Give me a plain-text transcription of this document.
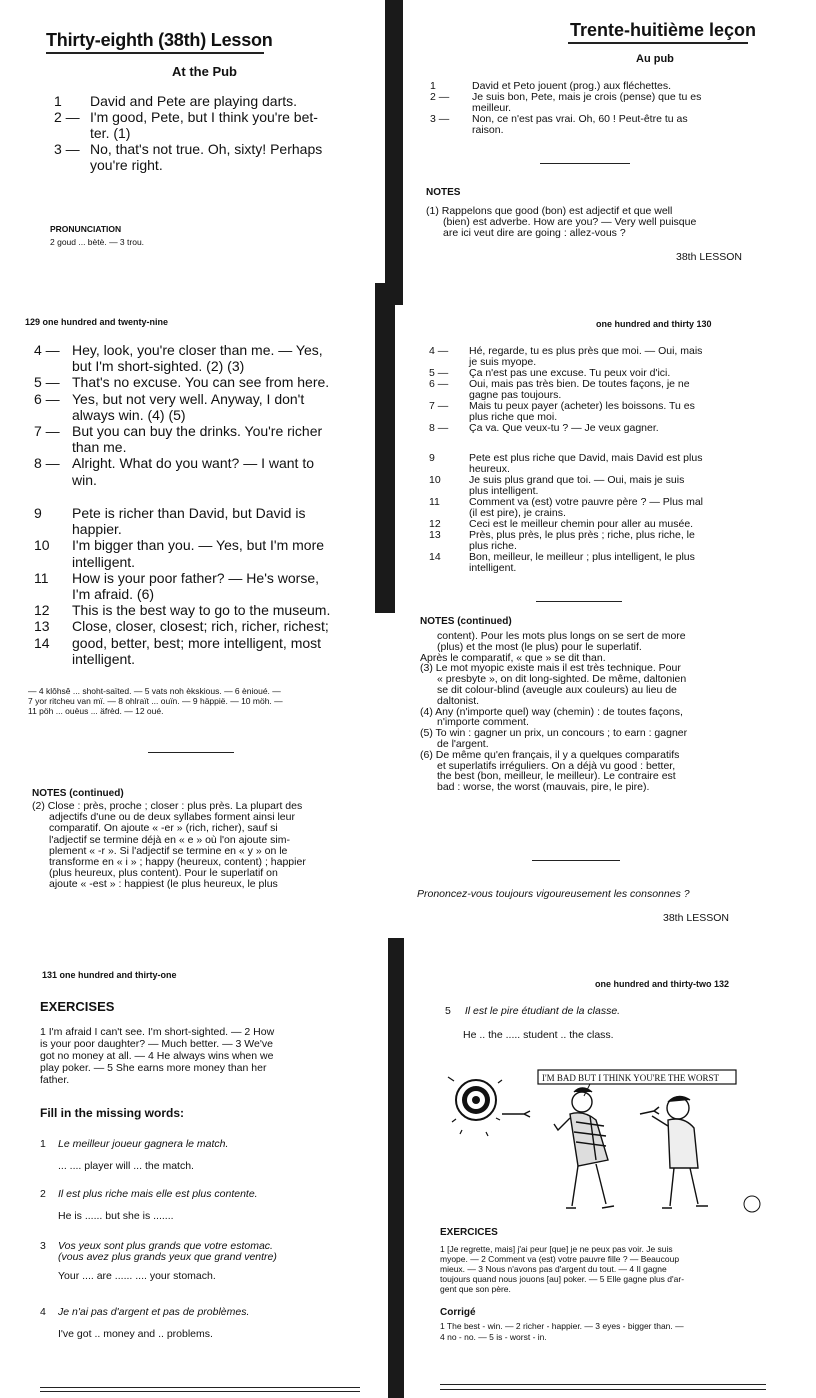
Thirty-eighth (38th) Lesson
At the Pub
1	David and Pete are playing darts.
2 — I'm good, Pete, but I think you're bet-
ter. (1)
3 — No, that's not true. Oh, sixty! Perhaps
you're right.
PRONUNCIATION
2 goud ... bètè. — 3 trou.
Trente-huitième leçon
Au pub
1	David et Peto jouent (prog.) aux fléchettes.
2 —	Je suis bon, Pete, mais je crois (pense) que tu es
meilleur.
3 —	Non, ce n'est pas vrai. Oh, 60 ! Peut-être tu as
raison.
NOTES
(1) Rappelons que good (bon) est adjectif et que well
(bien) est adverbe. How are you? — Very well puisque
are ici veut dire are going : allez-vous ?
38th LESSON
129 one hundred and twenty-nine
4 — Hey, look, you're closer than me. — Yes,
but I'm short-sighted. (2) (3)
5 — That's no excuse. You can see from here.
6 — Yes, but not very well. Anyway, I don't
always win. (4) (5)
7 — But you can buy the drinks. You're richer
than me.
8 — Alright. What do you want? — I want to
win.
9	Pete is richer than David, but David is
happier.
10	I'm bigger than you. — Yes, but I'm more
intelligent.
11	How is your poor father? — He's worse,
I'm afraid. (6)
12	This is the best way to go to the museum.
13	Close, closer, closest; rich, richer, richest;
14	good, better, best; more intelligent, most
intelligent.
— 4 klôhsê ... shoht-saïted. — 5 vats noh èkskious. — 6 ènioué. —
7 yor ritcheu van mï. — 8 ohlraït ... ouïn. — 9 häppië. — 10 möh. —
11 pöh ... ouèus ... äfrèd. — 12 oué.
NOTES (continued)
(2) Close : près, proche ; closer : plus près. La plupart des
adjectifs d'une ou de deux syllabes forment ainsi leur
comparatif. On ajoute « -er » (rich, richer), sauf si
l'adjectif se termine déjà en « e » où l'on ajoute sim-
plement « -r ». Si l'adjectif se termine en « y » on le
transforme en « i » ; happy (heureux, content) ; happier
(plus heureux, plus content). Pour le superlatif on
ajoute « -est » : happiest (le plus heureux, le plus
one hundred and thirty 130
4 —	Hé, regarde, tu es plus près que moi. — Oui, mais
je suis myope.
5 —	Ça n'est pas une excuse. Tu peux voir d'ici.
6 —	Oui, mais pas très bien. De toutes façons, je ne
gagne pas toujours.
7 —	Mais tu peux payer (acheter) les boissons. Tu es
plus riche que moi.
8 —	Ça va. Que veux-tu ? — Je veux gagner.
9	Pete est plus riche que David, mais David est plus
heureux.
10	Je suis plus grand que toi. — Oui, mais je suis
plus intelligent.
11	Comment va (est) votre pauvre père ? — Plus mal
(il est pire), je crains.
12	Ceci est le meilleur chemin pour aller au musée.
13	Près, plus près, le plus près ; riche, plus riche, le
plus riche.
14	Bon, meilleur, le meilleur ; plus intelligent, le plus
intelligent.
NOTES (continued)
content). Pour les mots plus longs on se sert de more
(plus) et the most (le plus) pour le superlatif.
Après le comparatif, « que » se dit than.
(3) Le mot myopic existe mais il est très technique. Pour
« presbyte », on dit long-sighted. De même, daltonien
se dit colour-blind (aveugle aux couleurs) au lieu de
daltonist.
(4) Any (n'importe quel) way (chemin) : de toutes façons,
n'importe comment.
(5) To win : gagner un prix, un concours ; to earn : gagner
de l'argent.
(6) De même qu'en français, il y a quelques comparatifs
et superlatifs irréguliers. On a déjà vu good : better,
the best (bon, meilleur, le meilleur). Le contraire est
bad : worse, the worst (mauvais, pire, le pire).
Prononcez-vous toujours vigoureusement les consonnes ?
38th LESSON
131 one hundred and thirty-one
EXERCISES
1 I'm afraid I can't see. I'm short-sighted. — 2 How
is your poor daughter? — Much better. — 3 We've
got no money at all. — 4 He always wins when we
play poker. — 5 She earns more money than her
father.
Fill in the missing words:
1 Le meilleur joueur gagnera le match.
... .... player will ... the match.
2 Il est plus riche mais elle est plus contente.
He is ...... but she is .......
3 Vos yeux sont plus grands que votre estomac.
(vous avez plus grands yeux que grand ventre)
Your .... are ...... .... your stomach.
4 Je n'ai pas d'argent et pas de problèmes.
I've got .. money and .. problems.
one hundred and thirty-two 132
5 Il est le pire étudiant de la classe.
He .. the ..... student .. the class.
I'M BAD BUT I THINK YOU'RE THE WORST
EXERCICES
1 [Je regrette, mais] j'ai peur [que] je ne peux pas voir. Je suis
myope. — 2 Comment va (est) votre pauvre fille ? — Beaucoup
mieux. — 3 Nous n'avons pas d'argent du tout. — 4 Il gagne
toujours quand nous jouons [au] poker. — 5 Elle gagne plus d'ar-
gent que son père.
Corrigé
1 The best - win. — 2 richer - happier. — 3 eyes - bigger than. —
4 no - no. — 5 is - worst - in.
